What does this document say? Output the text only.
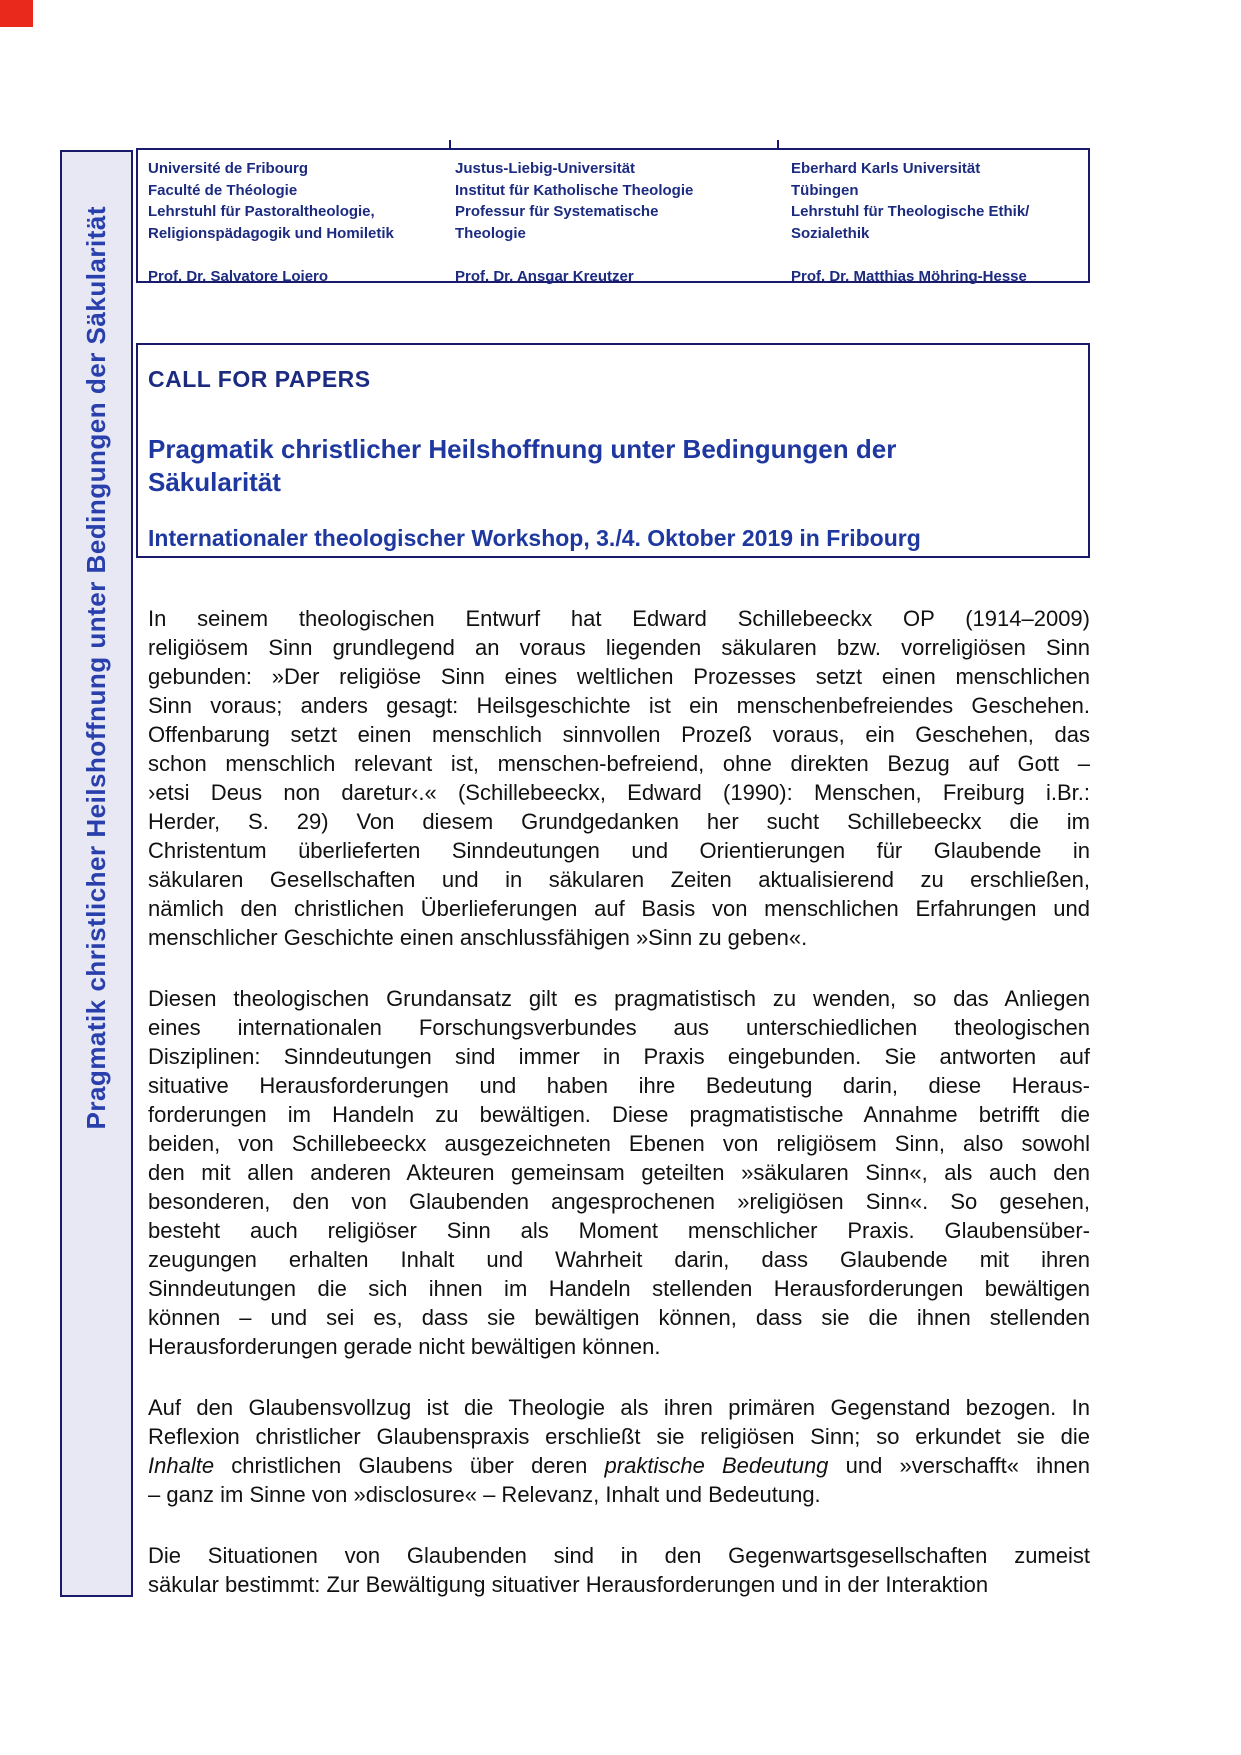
Pragmatik christlicher Heilshoffnung unter Bedingungen der Säkularität
Université de Fribourg
Faculté de Théologie
Lehrstuhl für Pastoraltheologie,
Religionspädagogik und Homiletik
Prof. Dr. Salvatore Loiero
Justus-Liebig-Universität
Institut für Katholische Theologie
Professur für Systematische
Theologie
Prof. Dr. Ansgar Kreutzer
Eberhard Karls Universität
Tübingen
Lehrstuhl für Theologische Ethik/
Sozialethik
Prof. Dr. Matthias Möhring-Hesse
CALL FOR PAPERS
Pragmatik christlicher Heilshoffnung unter Bedingungen der
Säkularität
Internationaler theologischer Workshop, 3./4. Oktober 2019 in Fribourg
In seinem theologischen Entwurf hat Edward Schillebeeckx OP (1914–2009)
religiösem Sinn grundlegend an voraus liegenden säkularen bzw. vorreligiösen Sinn
gebunden: »Der religiöse Sinn eines weltlichen Prozesses setzt einen menschlichen
Sinn voraus; anders gesagt: Heilsgeschichte ist ein menschenbefreiendes Geschehen.
Offenbarung setzt einen menschlich sinnvollen Prozeß voraus, ein Geschehen, das
schon menschlich relevant ist, menschen-befreiend, ohne direkten Bezug auf Gott –
›etsi Deus non daretur‹.« (Schillebeeckx, Edward (1990): Menschen, Freiburg i.Br.:
Herder, S. 29) Von diesem Grundgedanken her sucht Schillebeeckx die im
Christentum überlieferten Sinndeutungen und Orientierungen für Glaubende in
säkularen Gesellschaften und in säkularen Zeiten aktualisierend zu erschließen,
nämlich den christlichen Überlieferungen auf Basis von menschlichen Erfahrungen und
menschlicher Geschichte einen anschlussfähigen »Sinn zu geben«.
Diesen theologischen Grundansatz gilt es pragmatistisch zu wenden, so das Anliegen
eines internationalen Forschungsverbundes aus unterschiedlichen theologischen
Disziplinen: Sinndeutungen sind immer in Praxis eingebunden. Sie antworten auf
situative Herausforderungen und haben ihre Bedeutung darin, diese Heraus-
forderungen im Handeln zu bewältigen. Diese pragmatistische Annahme betrifft die
beiden, von Schillebeeckx ausgezeichneten Ebenen von religiösem Sinn, also sowohl
den mit allen anderen Akteuren gemeinsam geteilten »säkularen Sinn«, als auch den
besonderen, den von Glaubenden angesprochenen »religiösen Sinn«. So gesehen,
besteht auch religiöser Sinn als Moment menschlicher Praxis. Glaubensüber-
zeugungen erhalten Inhalt und Wahrheit darin, dass Glaubende mit ihren
Sinndeutungen die sich ihnen im Handeln stellenden Herausforderungen bewältigen
können – und sei es, dass sie bewältigen können, dass sie die ihnen stellenden
Herausforderungen gerade nicht bewältigen können.
Auf den Glaubensvollzug ist die Theologie als ihren primären Gegenstand bezogen. In
Reflexion christlicher Glaubenspraxis erschließt sie religiösen Sinn; so erkundet sie die
Inhalte christlichen Glaubens über deren praktische Bedeutung und »verschafft« ihnen
– ganz im Sinne von »disclosure« – Relevanz, Inhalt und Bedeutung.
Die Situationen von Glaubenden sind in den Gegenwartsgesellschaften zumeist
säkular bestimmt: Zur Bewältigung situativer Herausforderungen und in der Interaktion
